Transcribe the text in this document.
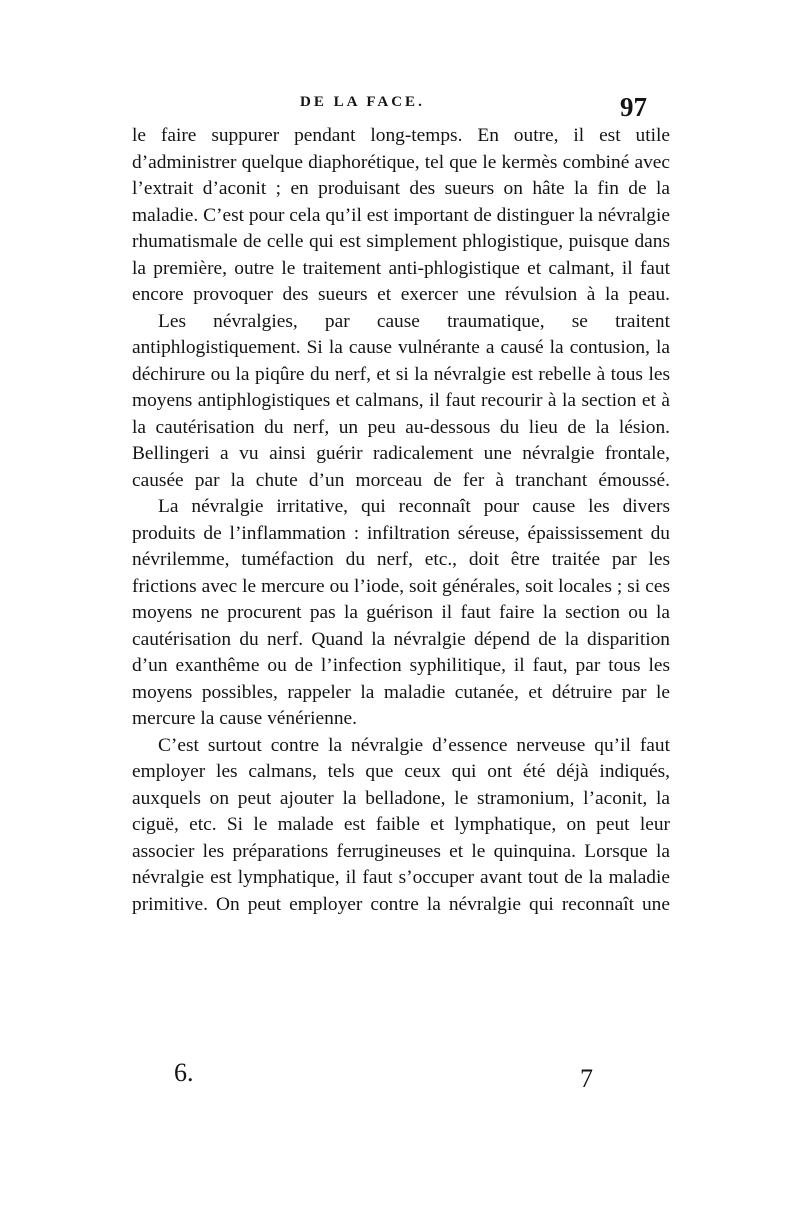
DE LA FACE.	97

le faire suppurer pendant long-temps. En outre, il est utile d’administrer quelque diaphorétique, tel que le kermès combiné avec l’extrait d’aconit ; en produisant des sueurs on hâte la fin de la maladie. C’est pour cela qu’il est important de distinguer la névralgie rhumatismale de celle qui est simplement phlogistique, puisque dans la première, outre le traitement anti-phlogistique et calmant, il faut encore provoquer des sueurs et exercer une révulsion à la peau.

Les névralgies, par cause traumatique, se traitent antiphlogistiquement. Si la cause vulnérante a causé la contusion, la déchirure ou la piqûre du nerf, et si la névralgie est rebelle à tous les moyens antiphlogistiques et calmans, il faut recourir à la section et à la cautérisation du nerf, un peu au-dessous du lieu de la lésion. Bellingeri a vu ainsi guérir radicalement une névralgie frontale, causée par la chute d’un morceau de fer à tranchant émoussé.

La névralgie irritative, qui reconnaît pour cause les divers produits de l’inflammation : infiltration séreuse, épaississement du névrilemme, tuméfaction du nerf, etc., doit être traitée par les frictions avec le mercure ou l’iode, soit générales, soit locales ; si ces moyens ne procurent pas la guérison il faut faire la section ou la cautérisation du nerf. Quand la névralgie dépend de la disparition d’un exanthême ou de l’infection syphilitique, il faut, par tous les moyens possibles, rappeler la maladie cutanée, et détruire par le mercure la cause vénérienne.

C’est surtout contre la névralgie d’essence nerveuse qu’il faut employer les calmans, tels que ceux qui ont été déjà indiqués, auxquels on peut ajouter la belladone, le stramonium, l’aconit, la ciguë, etc. Si le malade est faible et lymphatique, on peut leur associer les préparations ferrugineuses et le quinquina. Lorsque la névralgie est lymphatique, il faut s’occuper avant tout de la maladie primitive. On peut employer contre la névralgie qui reconnaît une

6.	7
